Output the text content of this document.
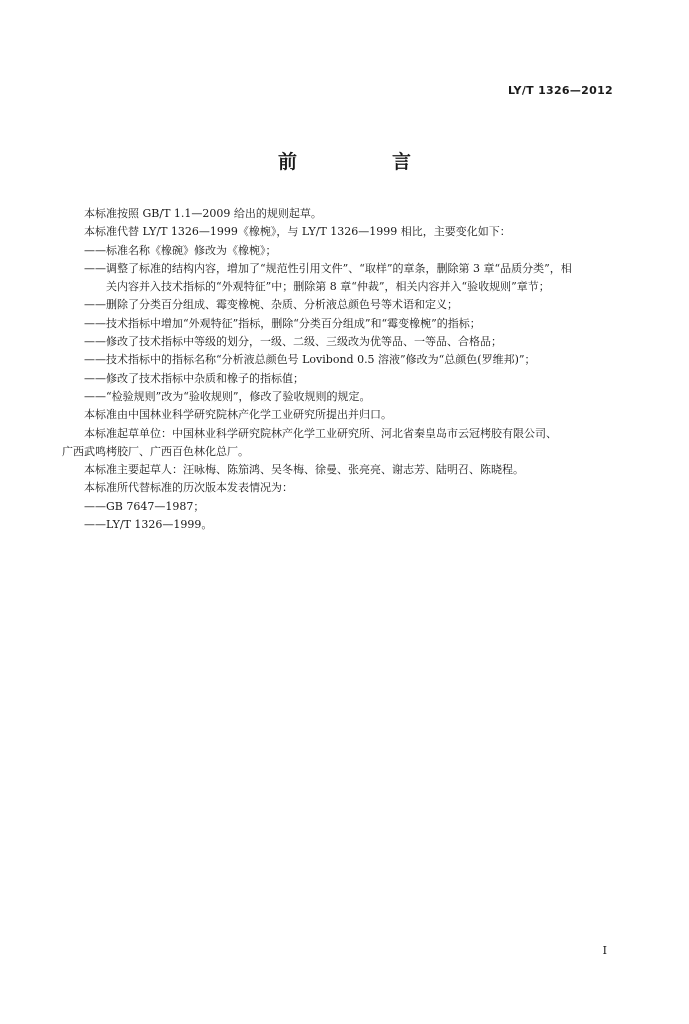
LY/T 1326—2012
前　言
本标准按照 GB/T 1.1—2009 给出的规则起草。
本标准代替 LY/T 1326—1999《橡椀》，与 LY/T 1326—1999 相比，主要变化如下：
——标准名称《橡碗》修改为《橡椀》；
——调整了标准的结构内容，增加了“规范性引用文件”、“取样”的章条，删除第 3 章“品质分类”，相
关内容并入技术指标的“外观特征”中；删除第 8 章“仲裁”，相关内容并入“验收规则”章节；
——删除了分类百分组成、霉变橡椀、杂质、分析液总颜色号等术语和定义；
——技术指标中增加“外观特征”指标，删除“分类百分组成”和“霉变橡椀”的指标；
——修改了技术指标中等级的划分，一级、二级、三级改为优等品、一等品、合格品；
——技术指标中的指标名称“分析液总颜色号 Lovibond 0.5 溶液”修改为“总颜色(罗维邦)”；
——修改了技术指标中杂质和橡子的指标值；
——“检验规则”改为“验收规则”，修改了验收规则的规定。
本标准由中国林业科学研究院林产化学工业研究所提出并归口。
本标准起草单位：中国林业科学研究院林产化学工业研究所、河北省秦皇岛市云冠栲胶有限公司、
广西武鸣栲胶厂、广西百色林化总厂。
本标准主要起草人：汪咏梅、陈笳鸿、吴冬梅、徐曼、张亮亮、谢志芳、陆明召、陈晓程。
本标准所代替标准的历次版本发表情况为：
——GB 7647—1987；
——LY/T 1326—1999。
I
